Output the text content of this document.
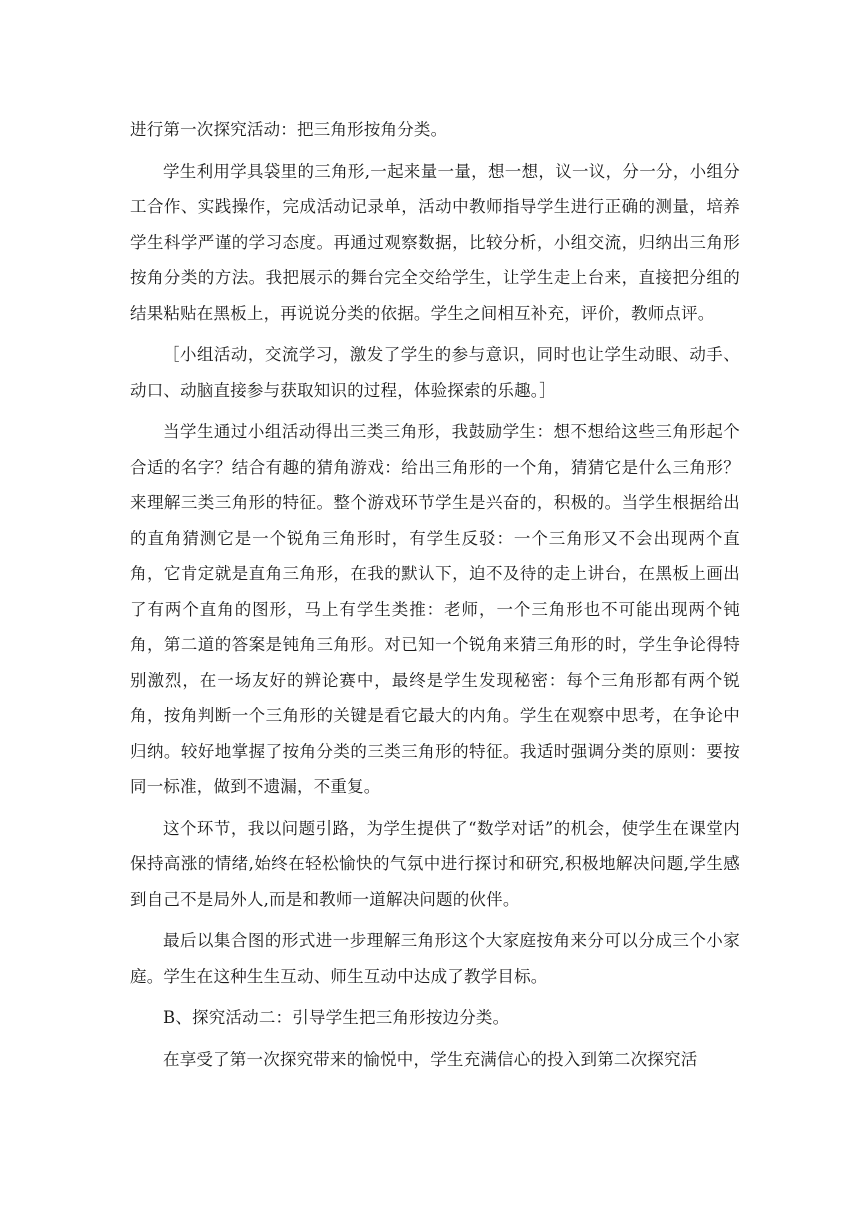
进行第一次探究活动：把三角形按角分类。

学生利用学具袋里的三角形,一起来量一量，想一想，议一议，分一分，小组分工合作、实践操作，完成活动记录单，活动中教师指导学生进行正确的测量，培养学生科学严谨的学习态度。再通过观察数据，比较分析，小组交流，归纳出三角形按角分类的方法。我把展示的舞台完全交给学生，让学生走上台来，直接把分组的结果粘贴在黑板上，再说说分类的依据。学生之间相互补充，评价，教师点评。

［小组活动，交流学习，激发了学生的参与意识，同时也让学生动眼、动手、动口、动脑直接参与获取知识的过程，体验探索的乐趣。］

当学生通过小组活动得出三类三角形，我鼓励学生：想不想给这些三角形起个合适的名字？结合有趣的猜角游戏：给出三角形的一个角，猜猜它是什么三角形？来理解三类三角形的特征。整个游戏环节学生是兴奋的，积极的。当学生根据给出的直角猜测它是一个锐角三角形时，有学生反驳：一个三角形又不会出现两个直角，它肯定就是直角三角形，在我的默认下，迫不及待的走上讲台，在黑板上画出了有两个直角的图形，马上有学生类推：老师，一个三角形也不可能出现两个钝角，第二道的答案是钝角三角形。对已知一个锐角来猜三角形的时，学生争论得特别激烈，在一场友好的辨论赛中，最终是学生发现秘密：每个三角形都有两个锐角，按角判断一个三角形的关键是看它最大的内角。学生在观察中思考，在争论中归纳。较好地掌握了按角分类的三类三角形的特征。我适时强调分类的原则：要按同一标准，做到不遗漏，不重复。

这个环节，我以问题引路，为学生提供了“数学对话”的机会，使学生在课堂内保持高涨的情绪,始终在轻松愉快的气氛中进行探讨和研究,积极地解决问题,学生感到自己不是局外人,而是和教师一道解决问题的伙伴。

最后以集合图的形式进一步理解三角形这个大家庭按角来分可以分成三个小家庭。学生在这种生生互动、师生互动中达成了教学目标。

B、探究活动二：引导学生把三角形按边分类。

在享受了第一次探究带来的愉悦中，学生充满信心的投入到第二次探究活
